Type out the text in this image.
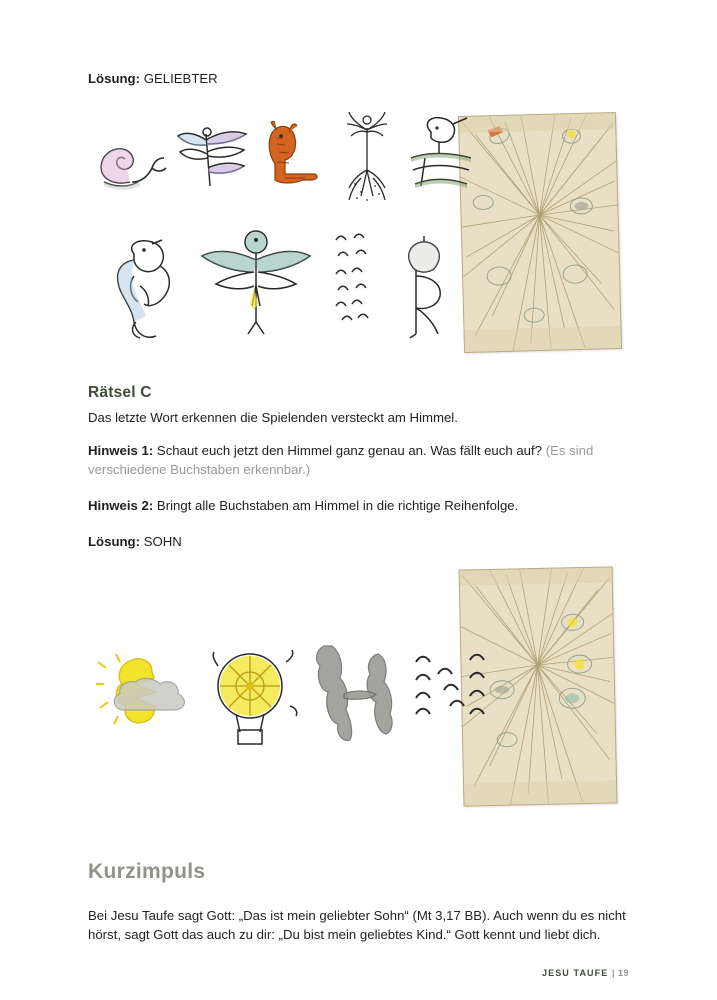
Lösung: GELIEBTER
Rätsel C

Das letzte Wort erkennen die Spielenden versteckt am Himmel.

Hinweis 1: Schaut euch jetzt den Himmel ganz genau an. Was fällt euch auf? (Es sind verschiedene Buchstaben erkennbar.)

Hinweis 2: Bringt alle Buchstaben am Himmel in die richtige Reihenfolge.

Lösung: SOHN

Kurzimpuls

Bei Jesu Taufe sagt Gott: „Das ist mein geliebter Sohn“ (Mt 3,17 BB). Auch wenn du es nicht hörst, sagt Gott das auch zu dir: „Du bist mein geliebtes Kind.“ Gott kennt und liebt dich.

JESU TAUFE | 19
